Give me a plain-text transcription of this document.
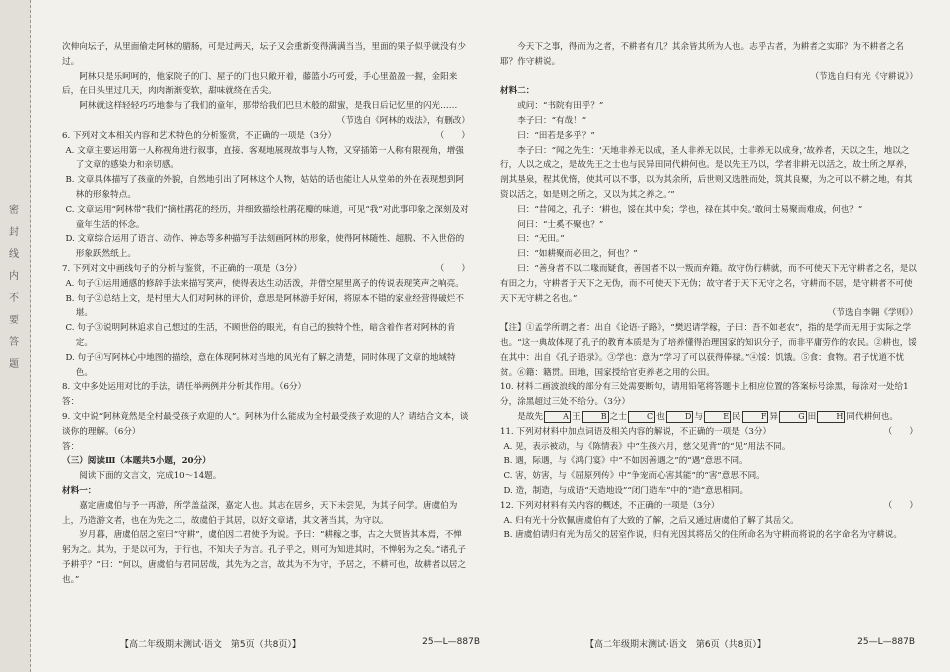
密 封 线 内 不 要 答 题

次伸向坛子，从里面偷走阿林的腊肠，可是过两天，坛子又会重新变得满满当当，里面的果子似乎就没有少过。

阿林只是乐呵呵的，他家院子的门、屋子的门也只敞开着，藤篮小巧可爱，手心里盈盈一握，金阳来后，在日头里过几天，肉肉渐渐变软，甜味就绕在舌尖。

阿林就这样轻轻巧巧地参与了我们的童年，那带给我们巴旦木般的甜蜜，是我日后记忆里的闪光……

（节选自《阿林的戏法》，有删改）

6. 下列对文本相关内容和艺术特色的分析鉴赏，不正确的一项是（3分）	（　　）

A. 文章主要运用第一人称视角进行叙事，直接、客观地展现故事与人物，又穿插第一人称有限视角，增强了文章的感染力和亲切感。

B. 文章具体描写了孩童的外貌，自然地引出了阿林这个人物，姑姑的话也能让人从堂弟的外在表现想到阿林的形象特点。

C. 文章运用“阿林带”我们“摘杜鹃花的经历，并细致描绘杜鹃花瓣的味道，可见“我”对此事印象之深刻及对童年生活的怀念。

D. 文章综合运用了语言、动作、神态等多种描写手法刻画阿林的形象，使得阿林随性、超脱、不入世俗的形象跃然纸上。

7. 下列对文中画线句子的分析与鉴赏，不正确的一项是（3分）	（　　）

A. 句子①运用通感的修辞手法来描写笑声，使得表达生动活泼，并借空屋里离子的传说表现笑声之响亮。

B. 句子②总结上文，是村里大人们对阿林的评价，意思是阿林游手好闲，将原本不错的家业经营得破烂不堪。

C. 句子③说明阿林追求自己想过的生活，不顾世俗的眼光，有自己的独特个性，暗含着作者对阿林的肯定。

D. 句子④写阿林心中地图的描绘，意在体现阿林对当地的风光有了解之清楚，同时体现了文章的地域特色。

8. 文中多处运用对比的手法，请任举两例并分析其作用。（6分）

答：

9. 文中说“阿林竟然是全村最受孩子欢迎的人”。阿林为什么能成为全村最受孩子欢迎的人？请结合文本，谈谈你的理解。（6分）

答：

（三）阅读Ⅲ（本题共5小题，20分）

阅读下面的文言文，完成10～14题。

材料一：

嘉定唐虞伯与予一再游，所学盖益深，嘉定人也。其志在居乡，天下未尝见，为其子问学。唐虞伯为上，乃造游文者，也在为先之二，故虞伯于其居，以好文章诸，其文著当其，为守以。

岁月暮，唐虞伯居之室曰“守耕”，虞伯因二君使予为说。予曰：“耕稼之事，古之大贤皆其本焉，不惮躬为之。其为，于是以可为，于行也，不知夫子为言。孔子乎之，则可为知进其时，不惮躬为之矣。”诸孔子予耕乎？”曰：“何以，唐虞伯与君同居哉，其先为之言，故其为不为守，予居之，不耕可也，故耕者以居之也。”

今天下之事，得而为之者，不耕者有几？其余皆其所为人也。志乎古者，为耕者之实耶？为不耕者之名耶？作守耕说。

（节选自归有光《守耕说》）

材料二：

或问：“书院有田乎？”

李子曰：“有哉！”

曰：“田若是多乎？”

李子曰：“闻之先生：‘天地非养无以成，圣人非养无以民，士非养无以成身，’故养者，天以之生，地以之行，人以之成之，是故先王之士也与民异田同代耕何也。是以先王乃以，学者非耕无以活之，故士所之厚养，剖其垦泉，程其优惰，使其可以不事，以为其余所，后世则又选胜而处，筑其良聚，为之可以不耕之地，有其资以活之，如是则之所之，又以为其之养之。’”

曰：“昔闻之，孔子：‘耕也，馁在其中矣；学也，禄在其中矣。’敢问士易聚而难成，何也？”

问曰：“士奚不聚也？”

曰：“无田。”

曰：“如耕聚而必田之，何也？”

曰：“善身者不以二喙而疑食，善国者不以一叛而弃籍。故守伪行耕就，而不可使天下无守耕者之名，是以有田之力，守耕者于天下之无伪，而不可使天下无伪；故守者于天下无守之名，守耕而不居，是守耕者不可使天下无守耕之名也。”

（节选自李翱《学则》）

【注】①孟学所谓之者：出自《论语·子路》，“樊迟请学稼，子曰：吾不如老农”，指的是学而无用于实际之学也。“这一典故体现了孔子的教育本质是为了培养懂得治理国家的知识分子，而非平庸劳作的农民。②耕也，馁在其中：出自《孔子语录》。③学也：意为“学习了可以获得俸禄。”④馁：饥饿。⑤食：食物。君子忧道不忧贫。⑥籍：籍贯。田地，国家授给官吏养老之用的公田。

10. 材料二画波浪线的部分有三处需要断句，请用铅笔将答题卡上相应位置的答案标号涂黑，每涂对一处给1分，涂黑超过三处不给分。（3分）

是故先	A 王	B 之士	C 也	D 与	E 民	F 异	G 田	H 同代耕何也。

11. 下列对材料中加点词语及相关内容的解说，不正确的一项是（3分）	（　　）

A. 见，表示被动，与《陈情表》中“生孩六月，慈父见背”的“见”用法不同。

B. 遇，际遇，与《鸿门宴》中“不如因善遇之”的“遇”意思不同。

C. 害，妨害，与《屈原列传》中“争宠而心害其能”的“害”意思不同。

D. 造，制造，与成语“天造地设”“闭门造车”中的“造”意思相同。

12. 下列对材料有关内容的概述，不正确的一项是（3分）	（　　）

A. 归有光十分钦佩唐虞伯有了大致的了解，之后又通过唐虞伯了解了其岳父。

B. 唐虞伯请归有光为岳父的居室作说，归有光因其将岳父的住所命名为守耕而将说的名字命名为守耕说。

【高二年级期末测试·语文　第5页（共8页）】	25—L—887B	【高二年级期末测试·语文　第6页（共8页）】	25—L—887B
